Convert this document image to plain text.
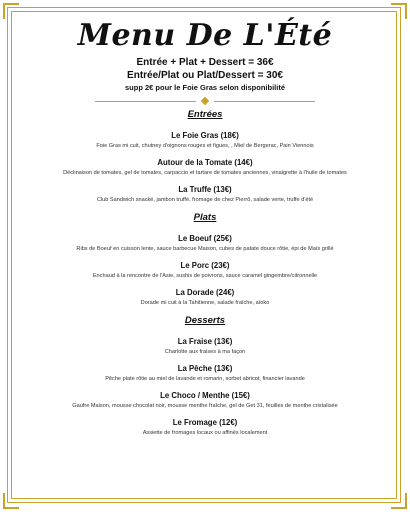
Menu De L'Été

Entrée + Plat + Dessert = 36€

Entrée/Plat ou Plat/Dessert = 30€

supp 2€ pour le Foie Gras selon disponibilité

Entrées

Le Foie Gras (18€)

Foie Gras mi cuit, chutney d'oignons rouges et figues, , Miel de Bergerac, Pain Viennois

Autour de la Tomate (14€)

Déclinaison de tomates, gel de tomates, carpaccio et tartare de tomates anciennes, vinaigrette à l'huile de tomates

La Truffe (13€)

Club Sandwich snacké, jambon truffé, fromage de chez Pierrô, salade verte, truffe d'été

Plats

Le Boeuf (25€)

Ribs de Boeuf en cuisson lente, sauce barbecue Maison, cubes de patate douce rôtie, épi de Maïs grillé

Le Porc (23€)

Enchaud à la rencontre de l'Asie, sushis de poivrons, sauce caramel gingembre/citronnelle

La Dorade (24€)

Dorade mi cuit à la Tahitienne, salade fraîche, aïoko

Desserts

La Fraise (13€)

Charlotte aux fraises à ma façon

La Pêche (13€)

Pêche plate rôtie au miel de lavande et romarin, sorbet abricot, financier lavande

Le Choco / Menthe (15€)

Gaufre Maison, mousse chocolat noir, mousse menthe fraîche, gel de Get 31, feuilles de menthe cristalisée

Le Fromage (12€)

Assiette de fromages locaux ou affinés localement
